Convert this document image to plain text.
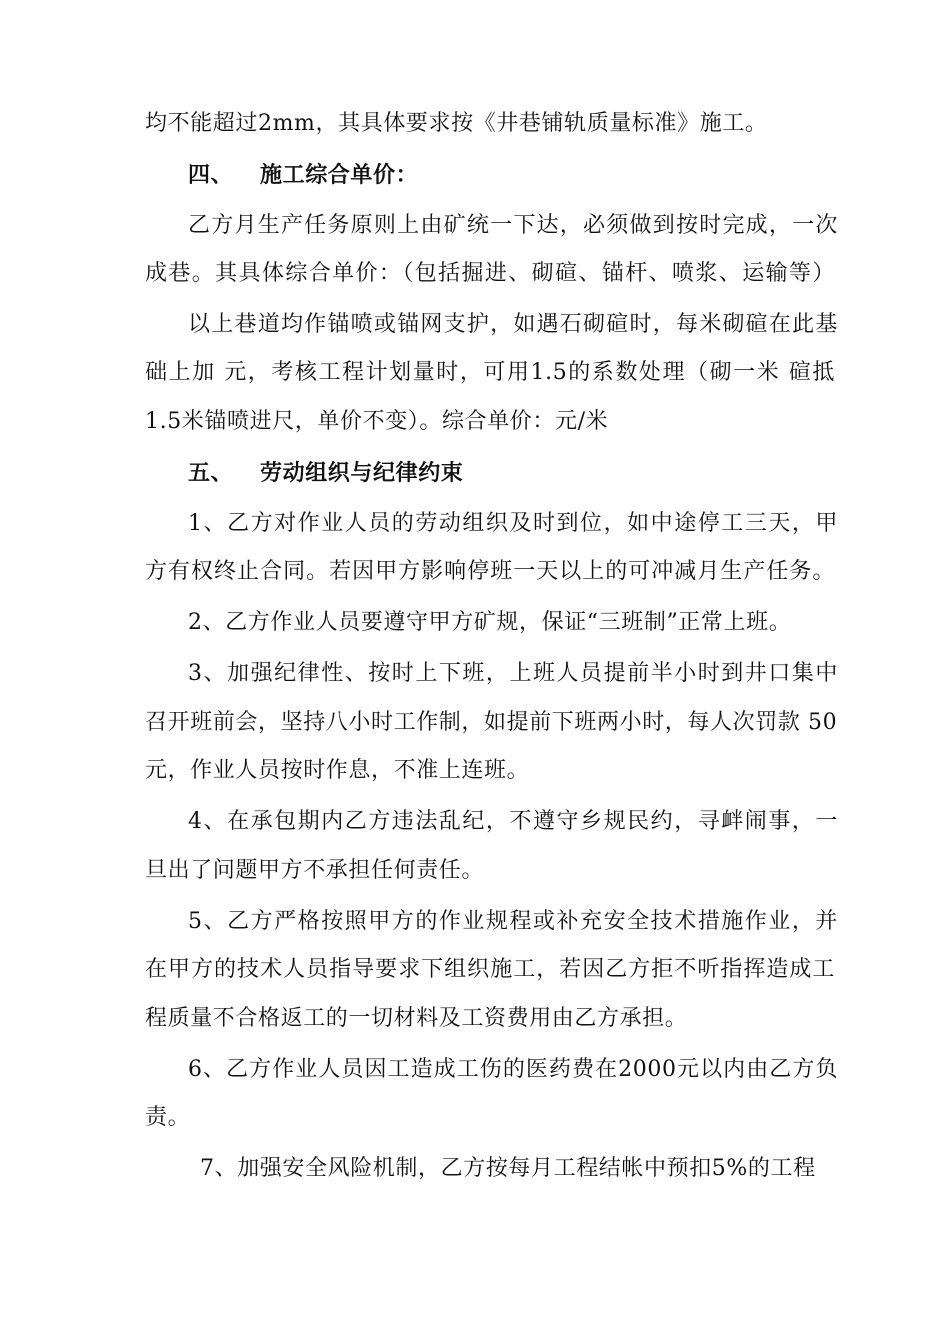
均不能超过2mm，其具体要求按《井巷铺轨质量标准》施工。
四、 施工综合单价：
乙方月生产任务原则上由矿统一下达，必须做到按时完成，一次
成巷。其具体综合单价：（包括掘进、砌碹、锚杆、喷浆、运输等）
以上巷道均作锚喷或锚网支护，如遇石砌碹时，每米砌碹在此基
础上加 元，考核工程计划量时，可用1.5的系数处理（砌一米 碹抵
1.5米锚喷进尺，单价不变）。综合单价：元/米
五、 劳动组织与纪律约束
1、乙方对作业人员的劳动组织及时到位，如中途停工三天，甲
方有权终止合同。若因甲方影响停班一天以上的可冲减月生产任务。
2、乙方作业人员要遵守甲方矿规，保证“三班制”正常上班。
3、加强纪律性、按时上下班，上班人员提前半小时到井口集中
召开班前会，坚持八小时工作制，如提前下班两小时，每人次罚款 50
元，作业人员按时作息，不准上连班。
4、在承包期内乙方违法乱纪，不遵守乡规民约，寻衅闹事，一
旦出了问题甲方不承担任何责任。
5、乙方严格按照甲方的作业规程或补充安全技术措施作业，并
在甲方的技术人员指导要求下组织施工，若因乙方拒不听指挥造成工
程质量不合格返工的一切材料及工资费用由乙方承担。
6、乙方作业人员因工造成工伤的医药费在2000元以内由乙方负
责。
7、加强安全风险机制，乙方按每月工程结帐中预扣5%的工程
